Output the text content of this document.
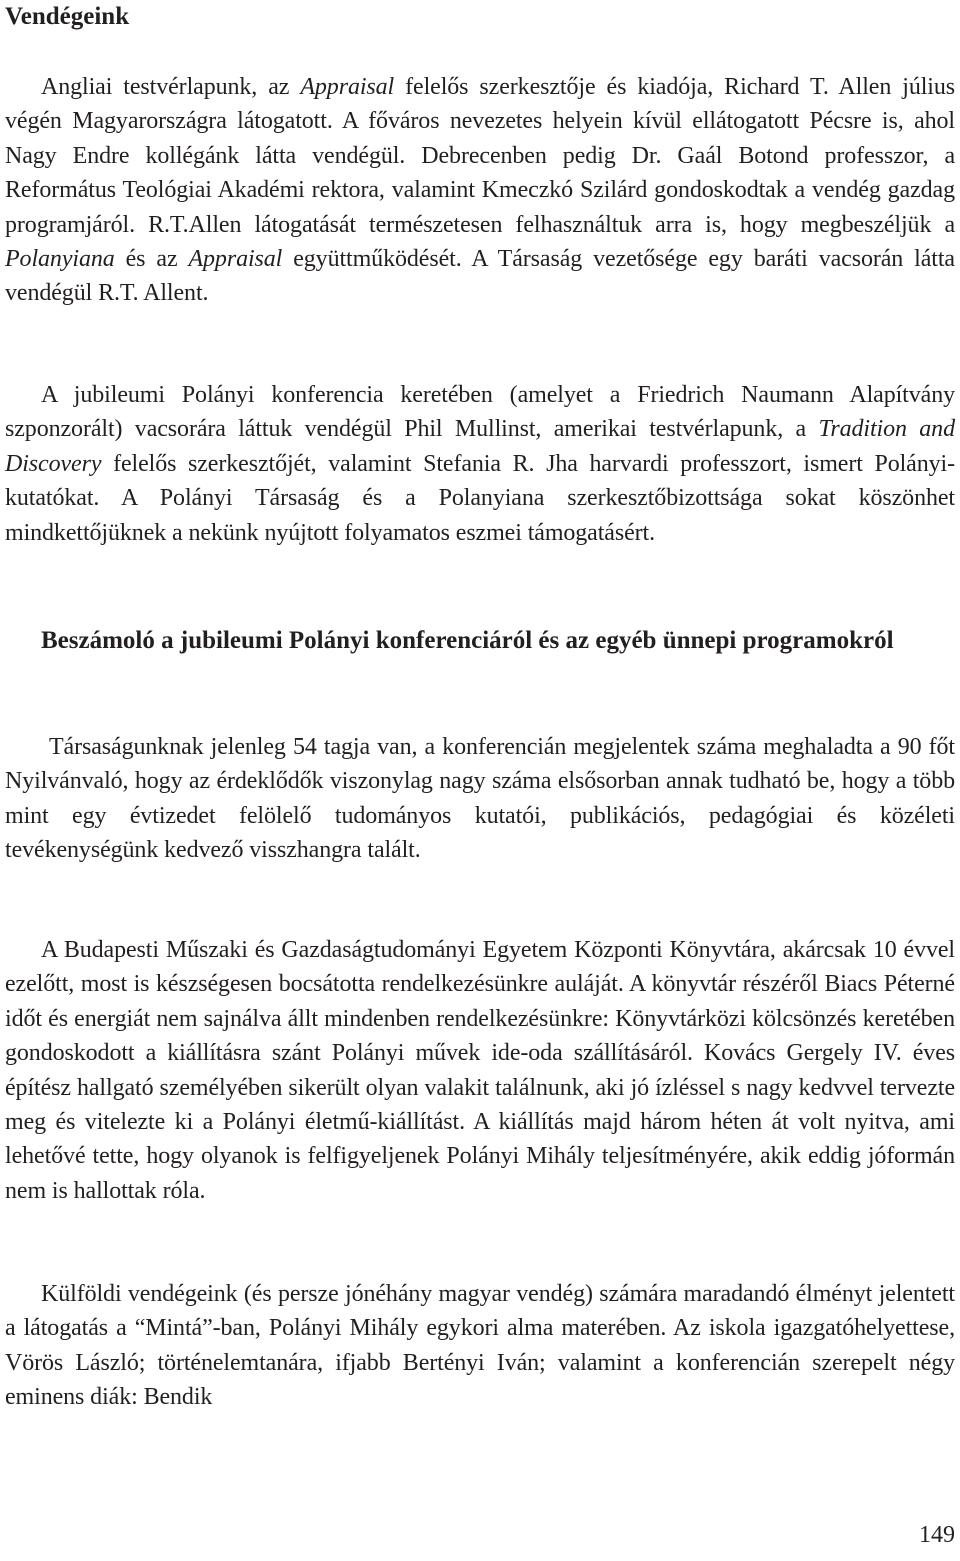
Vendégeink

Angliai testvérlapunk, az Appraisal felelős szerkesztője és kiadója, Richard T. Allen július végén Magyarországra látogatott. A főváros nevezetes helyein kívül ellátogatott Pécsre is, ahol Nagy Endre kollégánk látta vendégül. Debrecenben pedig Dr. Gaál Botond professzor, a Református Teológiai Akadémi rektora, valamint Kmeczkó Szilárd gondoskodtak a vendég gazdag programjáról. R.T.Allen látogatását természetesen felhasználtuk arra is, hogy megbeszéljük a Polanyiana és az Appraisal együttműködését. A Társaság vezetősége egy baráti vacsorán látta vendégül R.T. Allent.

A jubileumi Polányi konferencia keretében (amelyet a Friedrich Naumann Alapítvány szponzorált) vacsorára láttuk vendégül Phil Mullinst, amerikai testvérlapunk, a Tradition and Discovery felelős szerkesztőjét, valamint Stefania R. Jha harvardi professzort, ismert Polányi-kutatókat. A Polányi Társaság és a Polanyiana szerkesztőbizottsága sokat köszönhet mindkettőjüknek a nekünk nyújtott folyamatos eszmei támogatásért.

Beszámoló a jubileumi Polányi konferenciáról és az egyéb ünnepi programokról

Társaságunknak jelenleg 54 tagja van, a konferencián megjelentek száma meghaladta a 90 főt Nyilvánvaló, hogy az érdeklődők viszonylag nagy száma elsősorban annak tudható be, hogy a több mint egy évtizedet felölelő tudományos kutatói, publikációs, pedagógiai és közéleti tevékenységünk kedvező visszhangra talált.

A Budapesti Műszaki és Gazdaságtudományi Egyetem Központi Könyvtára, akárcsak 10 évvel ezelőtt, most is készségesen bocsátotta rendelkezésünkre auláját. A könyvtár részéről Biacs Péterné időt és energiát nem sajnálva állt mindenben rendelkezésünkre: Könyvtárközi kölcsönzés keretében gondoskodott a kiállításra szánt Polányi művek ide-oda szállításáról. Kovács Gergely IV. éves építész hallgató személyében sikerült olyan valakit találnunk, aki jó ízléssel s nagy kedvvel tervezte meg és vitelezte ki a Polányi életmű-kiállítást. A kiállítás majd három héten át volt nyitva, ami lehetővé tette, hogy olyanok is felfigyeljenek Polányi Mihály teljesítményére, akik eddig jóformán nem is hallottak róla.

Külföldi vendégeink (és persze jónéhány magyar vendég) számára maradandó élményt jelentett a látogatás a “Mintá”-ban, Polányi Mihály egykori alma materében. Az iskola igazgatóhelyettese, Vörös László; történelemtanára, ifjabb Bertényi Iván; valamint a konferencián szerepelt négy eminens diák: Bendik

149
